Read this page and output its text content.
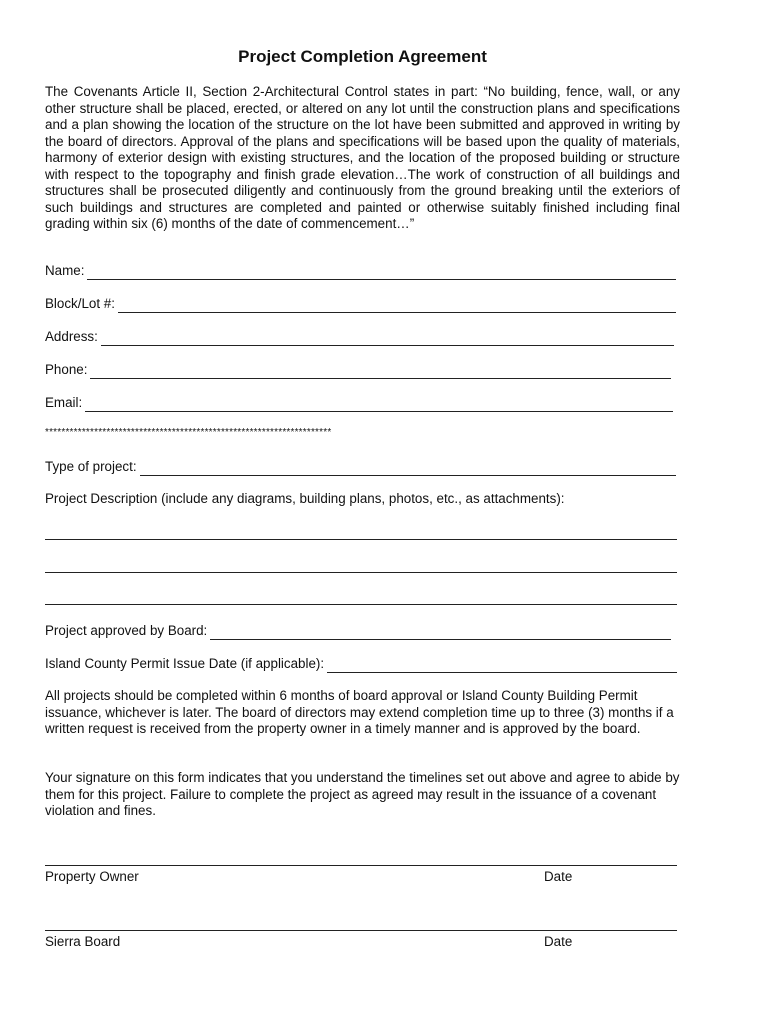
Project Completion Agreement
The Covenants Article II, Section 2-Architectural Control states in part: “No building, fence, wall, or any other structure shall be placed, erected, or altered on any lot until the construction plans and specifications and a plan showing the location of the structure on the lot have been submitted and approved in writing by the board of directors. Approval of the plans and specifications will be based upon the quality of materials, harmony of exterior design with existing structures, and the location of the proposed building or structure with respect to the topography and finish grade elevation…The work of construction of all buildings and structures shall be prosecuted diligently and continuously from the ground breaking until the exteriors of such buildings and structures are completed and painted or otherwise suitably finished including final grading within six (6) months of the date of commencement…”
Name:
Block/Lot #:
Address:
Phone:
Email:
**********************************************************************
Type of project:
Project Description (include any diagrams, building plans, photos, etc., as attachments):
Project approved by Board:
Island County Permit Issue Date (if applicable):
All projects should be completed within 6 months of board approval or Island County Building Permit issuance, whichever is later. The board of directors may extend completion time up to three (3) months if a written request is received from the property owner in a timely manner and is approved by the board.
Your signature on this form indicates that you understand the timelines set out above and agree to abide by them for this project. Failure to complete the project as agreed may result in the issuance of a covenant violation and fines.
Property Owner	Date
Sierra Board	Date
